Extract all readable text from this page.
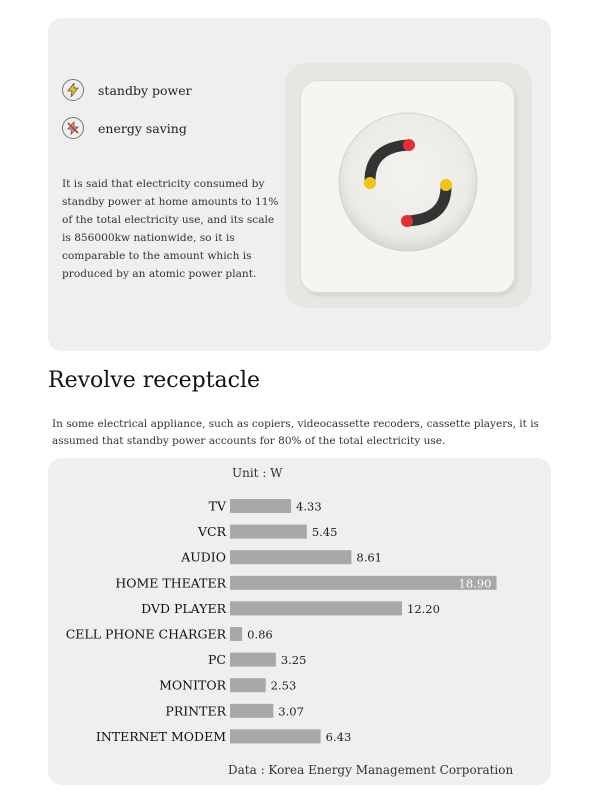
standby power
energy saving

It is said that electricity consumed by standby power at home amounts to 11% of the total electricity use, and its scale is 856000kw nationwide, so it is comparable to the amount which is produced by an atomic power plant.

Revolve receptacle

In some electrical appliance, such as copiers, videocassette recoders, cassette players, it is assumed that standby power accounts for 80% of the total electricity use.

Unit : W
TV	4.33
VCR	5.45
AUDIO	8.61
HOME THEATER	18.90
DVD PLAYER	12.20
CELL PHONE CHARGER 0.86
PC	3.25
MONITOR	2.53
PRINTER	3.07
INTERNET MODEM	6.43
Data : Korea Energy Management Corporation
